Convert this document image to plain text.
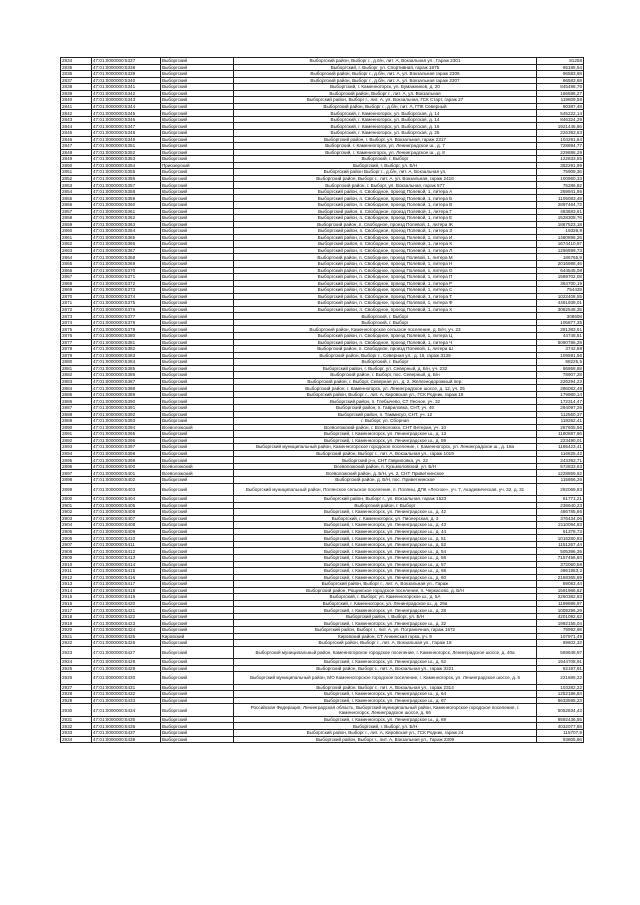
2834	47:01:0000000:5337	Выборгский	Выборгский район, Выборг г., д.6/н, лит. А, Вокзальная ул., Гараж 2301	81258
2835	47:01:0000000:5338	Выборгский	Выборгский, г. Выборг, ул. Спортивная, гараж 1875	95185,54
2836	47:01:0000000:5339	Выборгский	Выборгский район, Выборг г., д.б/н, лит. А, ул. Вокзальная гараж 2306	96583,68
2837	47:01:0000000:5340	Выборгский	Выборгский район, Выборг г., д.б/н, лит. А, ул. Вокзальная гараж 2307	96583,68
2838	47:01:0000000:5341	Выборгский	Выборгский, г. Каменногорск, ул. Бумажников, д. 20	845488,76
2839	47:01:0000000:5342	Выборгский	Выборгский район, Выборг г., лит. А, ул. Вокзальная	166586,27
2840	47:01:0000000:5343	Выборгский	Выборгский район, Выборг г., лит. А, ул. Вокзальная, ГСК Старт, гараж 27	119809,58
2841	47:01:0000000:5344	Выборгский	Выборгский район, Выборг г., д.б/н, лит. А, ГПК Северный	90387,48
2842	47:01:0000000:5345	Выборгский	Выборгский, г. Каменногорск, ул. Выборгская, д. 14	545222,14
2843	47:01:0000000:5346	Выборгский	Выборгский, г. Каменногорск, ул. Выборгская, д. 14	846324,29
2844	47:01:0000000:5347	Выборгский	Выборгский, г. Каменногорск, ул. Выборгская, д. 16	1921445,56
2845	47:01:0000000:5348	Выборгский	Выборгский, г. Каменногорск, ул. Выборгская, д. 25	226393,63
2846	47:01:0000000:5349	Выборгский	Выборгский район, г. Выборг, ул. Вокзальная, гараж 2317	104291,84
2847	47:01:0000000:5351	Выборгский	Выборгский, г. Каменногорск, ул. Ленинградское ш., д. 7	728894,77
2848	47:01:0000000:5352	Выборгский	Выборгский, г. Каменногорск, ул. Ленинградское ш., д. 8	229888,29
2849	47:01:0000000:5353	Выборгский	Выборгский, г. Выборг	122833,55
2850	47:01:0000000:5354	Приозерский	Выборгский, г. Выборг, ул. Б/Н	362291,99
2851	47:01:0000000:5355	Выборгский	Выборгский район Выборг г., д.б/н, лит. А, Вокзальная ул.	75909,36
2852	47:01:0000000:5356	Выборгский	Выборгский район, Выборг г., лит. А, ул. Вокзальная, гараж 2416	100960,33
2853	47:01:0000000:5357	Выборгский	Выборгский район, г. Выборг, ул. Вокзальная, гараж 577	75286,92
2854	47:01:0000000:5358	Выборгский	Выборгский район, п. Свободное, проезд Полевой, 1, литера А	269941,95
2855	47:01:0000000:5359	Выборгский	Выборгский район, п. Свободное, проезд Полевой, 1, литера Б	1105083,48
2856	47:01:0000000:5360	Выборгский	Выборгский район, п. Свободное, проезд Полевой, 1, литера В	2897464,72
2857	47:01:0000000:5361	Выборгский	Выборгский район, п. Свободное, проезд Полевой, 1, литера Г	483683,61
2858	47:01:0000000:5362	Выборгский	Выборгский район, п. Свободное, проезд Полевой, 1, литера Е	1528308,76
2859	47:01:0000000:5363	Выборгский	Выборгский район, п. Свободное, проезд Полевой, 1, литера Ж	1867523,18
2860	47:01:0000000:5364	Выборгский	Выборгский район, п. Свободное, проезд Полевой, 1, литера З	19326,9
2861	47:01:0000000:5365	Выборгский	Выборгский район, п. Свободное, проезд Полевой, 1, литера И	1480896,26
2862	47:01:0000000:5366	Выборгский	Выборгский район, п. Свободное, проезд Полевой, 1, литера К	1674410,97
2863	47:01:0000000:5367	Выборгский	Выборгский район, п. Свободное, проезд Полевой, 1, литера Л	1256599,73
2864	47:01:0000000:5368	Выборгский	Выборгский район, п. Свободное, проезд Полевой, 1, литера М	186765,9
2865	47:01:0000000:5369	Выборгский	Выборгский район, п. Свободное, проезд Полевой, 1, литера Н	2016988,46
2866	47:01:0000000:5370	Выборгский	Выборгский район, п. Свободное, проезд Полевой, 1, литера О	644545,08
2867	47:01:0000000:5371	Выборгский	Выборгский район, п. Свободное, проезд Полевой, 1, литера П	1589702,08
2868	47:01:0000000:5372	Выборгский	Выборгский район, п. Свободное, проезд Полевой, 1, литера Р	364700,19
2869	47:01:0000000:5373	Выборгский	Выборгский район, п. Свободное, проезд Полевой, 1, литера С	754439
2870	47:01:0000000:5374	Выборгский	Выборгский район, п. Свободное, проезд Полевой, 1, литера Т	1022408,55
2871	47:01:0000000:5375	Выборгский	Выборгский район, п. Свободное, проезд Полевой, 1, литера Ф	4461939,01
2872	47:01:0000000:5376	Выборгский	Выборгский район, п. Свободное, проезд Полевой, 1, литера Х	3082548,35
2873	47:01:0000000:5377	Выборгский	Выборгский, г. Выборг	308608
2874	47:01:0000000:5378	Выборгский	Выборгский, г. Выборг	105877,35
2875	47:01:0000000:5379	Выборгский	Выборгский район, Каменногорское сельское поселение, д. Б/Н, уч. 23	281383,61
2876	47:01:0000000:5380	Выборгский	Выборгский район, п. Свободное, проезд Полевой, 1, литера Ц	44748,81
2877	47:01:0000000:5381	Выборгский	Выборгский район, п. Свободное, проезд Полевой, 1, литера Ч	5090786,29
2878	47:01:0000000:5382	Выборгский	Выборгский район, п. Свободное, проезд Полевой, 1, литера Ш	3742,88
2879	47:01:0000000:5383	Выборгский	Выборгский район, Выборг г., Северная ул., д. 18, гараж 3139	109591,56
2880	47:01:0000000:5384	Выборгский	Выборгский, г. Выборг	98225,5
2881	47:01:0000000:5385	Выборгский	Выборгский район, г. Выборг, ул. Северный, д. Б/н, уч. 232	86868,68
2882	47:01:0000000:5386	Выборгский	Выборгский район, г. Выборг, пос. Северный, д. Б/н	78907,28
2883	47:01:0000000:5387	Выборгский	Выборгский район, г. Выборг, Северная ул., д. 2, Железнодорожный пер.	226294,22
2884	47:01:0000000:5388	Выборгский	Выборгский район, г. Каменногорск, ул. Ленинградское шоссе, д. 12, уч. 25	286082,49
2885	47:01:0000000:5389	Выборгский	Выборгский район, Выборг г., лит. А, Кировская ул., ГСК Родник, гараж 18	179980,14
2886	47:01:0000000:5390	Выборгский	Выборгский район, п. Глебычево, СТ Лесное, уч. 32	172314,47
2887	47:01:0000000:5391	Выборгский	Выборгский район, п. Гавриловка, СНТ, уч. 46	294097,26
2888	47:01:0000000:5392	Выборгский	Выборгский район, п. Таммисуо, СНТ, уч. 12	112560,37
2889	47:01:0000000:5393	Выборгский	г. Выборг, ул. Сборная	119262,41
2890	47:01:0000000:5394	Всеволожский	Всеволожский район, г. Всеволожск, СНТ Ветеран, уч. 10	267605,56
2891	47:01:0000000:5395	Выборгский	Выборгский, г. Каменногорск, ул. Ленинградское ш., д. 13	1180687,86
2892	47:01:0000000:5396	Выборгский	Выборгский, г. Каменногорск, ул. Ленинградское ш., д. 59	223490,01
2893	47:01:0000000:5397	Выборгский	Выборгский муниципальный район, Каменногорское городское поселение, г. Каменногорск, ул. Ленинградское ш., д. 18а	1165423,41
2894	47:01:0000000:5398	Выборгский	Выборгский район, Выборг г., лит. А, Вокзальная ул., гараж 1019	116825,42
2895	47:01:0000000:5399	Выборгский	Выборгский р-н, СНТ Гавриловка, уч. 22	243393,71
2896	47:01:0000000:5400	Всеволожский	Всеволожский район, п. Кузьмоловский, ул. Б/Н	572833,63
2897	47:01:0000000:5401	Всеволожский	Всеволожский район, д. Б/Н, уч. 2, СНТ Приветнинское	1228859,62
2898	47:01:0000000:5402	Выборгский	Выборгский район, д. Б/Н, пос. Приветнинское	115866,26
2899	47:01:0000000:5403	Выборгский	Выборгский муниципальный район, Полянское сельское поселение, п. Поляны, ДПК «Лесное», уч. 7, Академическая, уч. 32, д. 31	292069,83
2900	47:01:0000000:5404	Выборгский	Выборгский район, Выборг г., ул. Вокзальная, гараж 1523	81771,21
2901	47:01:0000000:5405	Выборгский	Выборгский район, г. Выборг	238640,23
2902	47:01:0000000:5406	Выборгский	Выборгский, г. Каменногорск, ул. Ленинградское ш., д. 42	486785,66
2903	47:01:0000000:5407	Выборгский	Выборгский, г. Каменногорск, ул. Пионерская, д. 3	376434,06
2904	47:01:0000000:5408	Выборгский	Выборгский, г. Каменногорск, ул. Ленинградское ш., д. 43	2110094,83
2905	47:01:0000000:5409	Выборгский	Выборгский, г. Каменногорск, ул. Ленинградское ш., д. 44	61378,73
2906	47:01:0000000:5410	Выборгский	Выборгский, г. Каменногорск, ул. Ленинградское ш., д. 51	1015280,83
2907	47:01:0000000:5411	Выборгский	Выборгский, г. Каменногорск, ул. Ленинградское ш., д. 52	1151267,44
2908	47:01:0000000:5412	Выборгский	Выборгский, г. Каменногорск, ул. Ленинградское ш., д. 54	505396,36
2909	47:01:0000000:5413	Выборгский	Выборгский, г. Каменногорск, ул. Ленинградское ш., д. 56	7157456,84
2910	47:01:0000000:5414	Выборгский	Выборгский, г. Каменногорск, ул. Ленинградское ш., д. 57	372060,58
2911	47:01:0000000:5415	Выборгский	Выборгский, г. Каменногорск, ул. Ленинградское ш., д. 58	4861953,2
2912	47:01:0000000:5416	Выборгский	Выборгский, г. Каменногорск, ул. Ленинградское ш., д. 60	2158365,59
2913	47:01:0000000:5417	Выборгский	Выборгский район, Выборг г., лит. А, Вокзальная ул., Гараж	89083,44
2914	47:01:0000000:5418	Выборгский	Выборгский район, Рощинское городское поселение, п. Черкасово, д. Б/Н	1591966,62
2915	47:01:0000000:5419	Выборгский	Выборгский, г. Выборг, ул. Каменногорское ш., д. 5А	2260382,83
2916	47:01:0000000:5420	Выборгский	Выборгский, г. Каменногорск, ул. Ленинградское ш., д. 29а	1199886,97
2917	47:01:0000000:5421	Выборгский	Выборгский, г. Каменногорск, ул. Ленинградское ш., д. 28	1009296,29
2918	47:01:0000000:5422	Выборгский	Выборгский район, г. Выборг, ул. Б/Н	4201092,62
2919	47:01:0000000:5423	Выборгский	Выборгский, г. Каменногорск, ул. Ленинградское ш., д. 32	1992155,04
2920	47:01:0000000:5424	Выборгский	Выборгский район, Выборг г., лит. А, ул. Пограничная, гараж 1572	79992,98
2921	47:01:0000000:5425	Кировский	Кировский район, СТ Аннинская горка, уч. 9	107971,49
2922	47:01:0000000:5426	Выборгский	Выборгский район, Выборг г., лит. А, Вокзальная ул., Гараж 18	89602,32
2923	47:01:0000000:5427	Выборгский	Выборгский муниципальный район, Каменногорское городское поселение, г. Каменногорск, Ленинградское шоссе, д. 40а	569648,97
2924	47:01:0000000:5428	Выборгский	Выборгский, г. Каменногорск, ул. Ленинградское ш., д. 62	1944708,91
2925	47:01:0000000:5429	Выборгский	Выборгский район, Выборг г., лит. А, Вокзальная ул., гараж 3221	82197,91
2926	47:01:0000000:5430	Выборгский	Выборгский муниципальный район, МО Каменногорское городское поселение, г. Каменногорск, ул. Ленинградское шоссе, д. 6	221685,22
2927	47:01:0000000:5431	Выборгский	Выборгский район, Выборг г., лит. А, Вокзальная ул., гараж 2314	103282,22
2928	47:01:0000000:5432	Выборгский	Выборгский, г. Каменногорск, ул. Ленинградское ш., д. 64	1252186,84
2929	47:01:0000000:5433	Выборгский	Выборгский, г. Каменногорск, ул. Ленинградское ш., д. 67	8633595,23
2930	47:01:0000000:5434	Выборгский	Российская Федерация, Ленинградская область, Выборгский муниципальный район, Каменногорское городское поселение, г. Каменногорск, Ленинградское шоссе, д. 66	5052834,43
2931	47:01:0000000:5435	Выборгский	Выборгский, г. Каменногорск, ул. Ленинградское ш., д. 69	9592436,55
2932	47:01:0000000:5436	Выборгский	Выборгский, г. Выборг, ул. Б/Н	4032077,88
2933	47:01:0000000:5437	Выборгский	Выборгский район, Выборг г., лит. А, Кировская ул., ГСК Родник, гараж 24	115707,9
2934	47:01:0000000:5438	Выборгский	Выборгский район, Выборг г., лит. А, Вокзальная ул., Гараж 2309	93805,86
